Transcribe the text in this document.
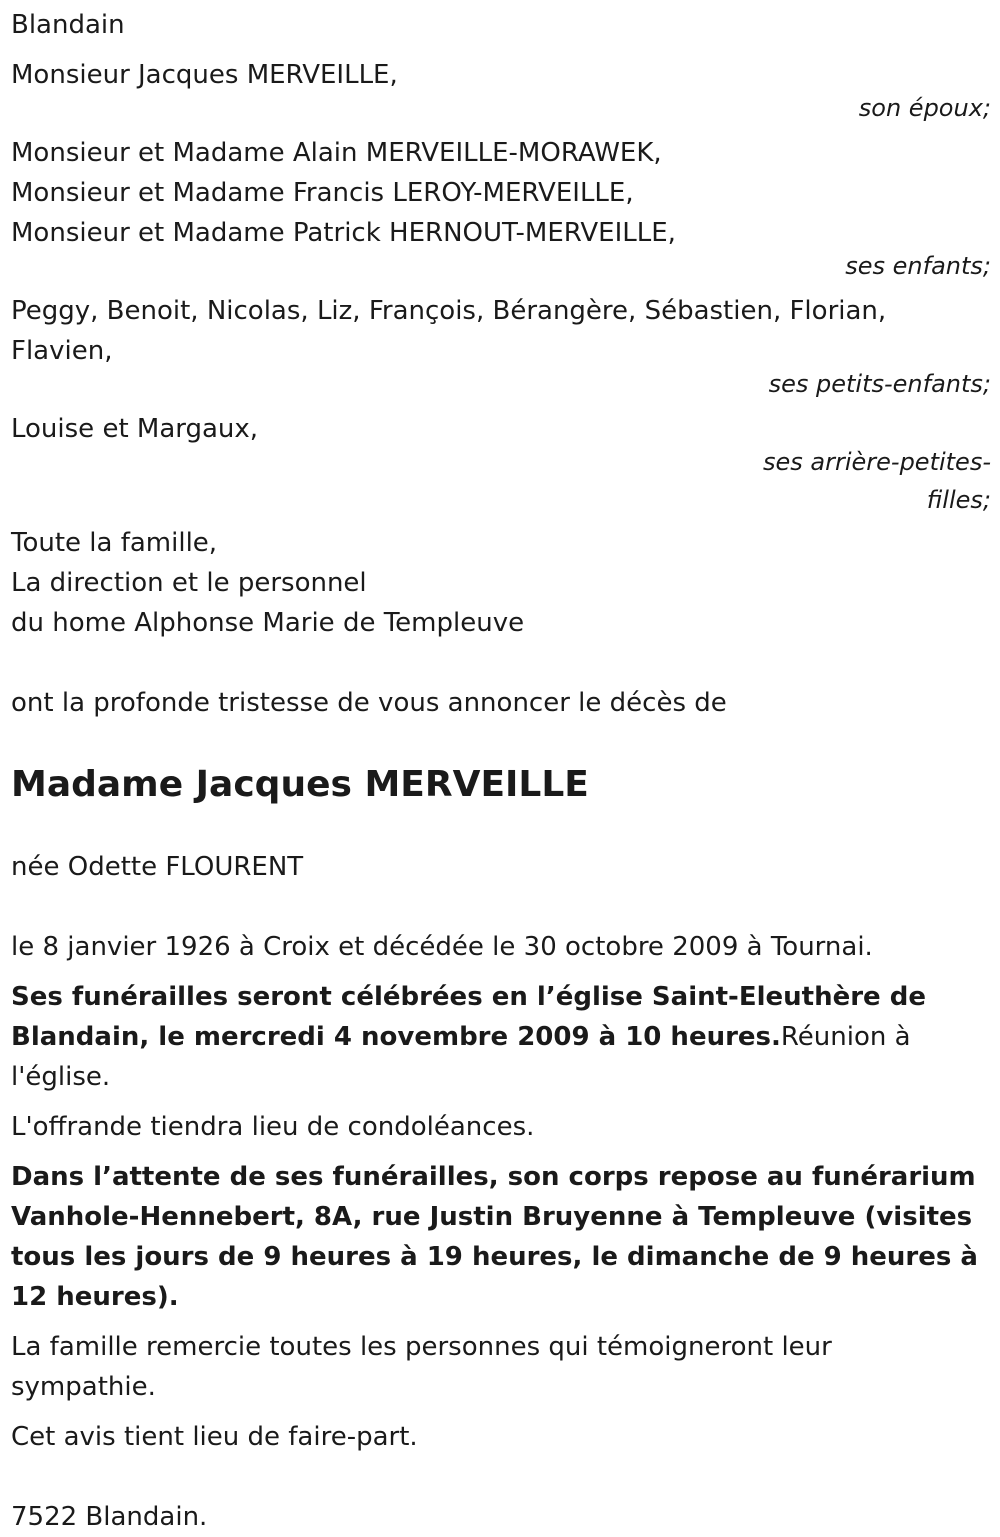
Blandain
Monsieur Jacques MERVEILLE,
son époux;
Monsieur et Madame Alain MERVEILLE-MORAWEK,
Monsieur et Madame Francis LEROY-MERVEILLE,
Monsieur et Madame Patrick HERNOUT-MERVEILLE,
ses enfants;
Peggy, Benoit, Nicolas, Liz, François, Bérangère, Sébastien, Florian,
Flavien,
ses petits-enfants;
Louise et Margaux,
ses arrière-petites-
filles;
Toute la famille,
La direction et le personnel
du home Alphonse Marie de Templeuve
ont la profonde tristesse de vous annoncer le décès de
Madame Jacques MERVEILLE
née Odette FLOURENT
le 8 janvier 1926 à Croix et décédée le 30 octobre 2009 à Tournai.
Ses funérailles seront célébrées en l’église Saint-Eleuthère de Blandain, le mercredi 4 novembre 2009 à 10 heures.Réunion à l'église.
L'offrande tiendra lieu de condoléances.
Dans l’attente de ses funérailles, son corps repose au funérarium Vanhole-Hennebert, 8A, rue Justin Bruyenne à Templeuve (visites tous les jours de 9 heures à 19 heures, le dimanche de 9 heures à 12 heures).
La famille remercie toutes les personnes qui témoigneront leur sympathie.
Cet avis tient lieu de faire-part.
7522 Blandain.
